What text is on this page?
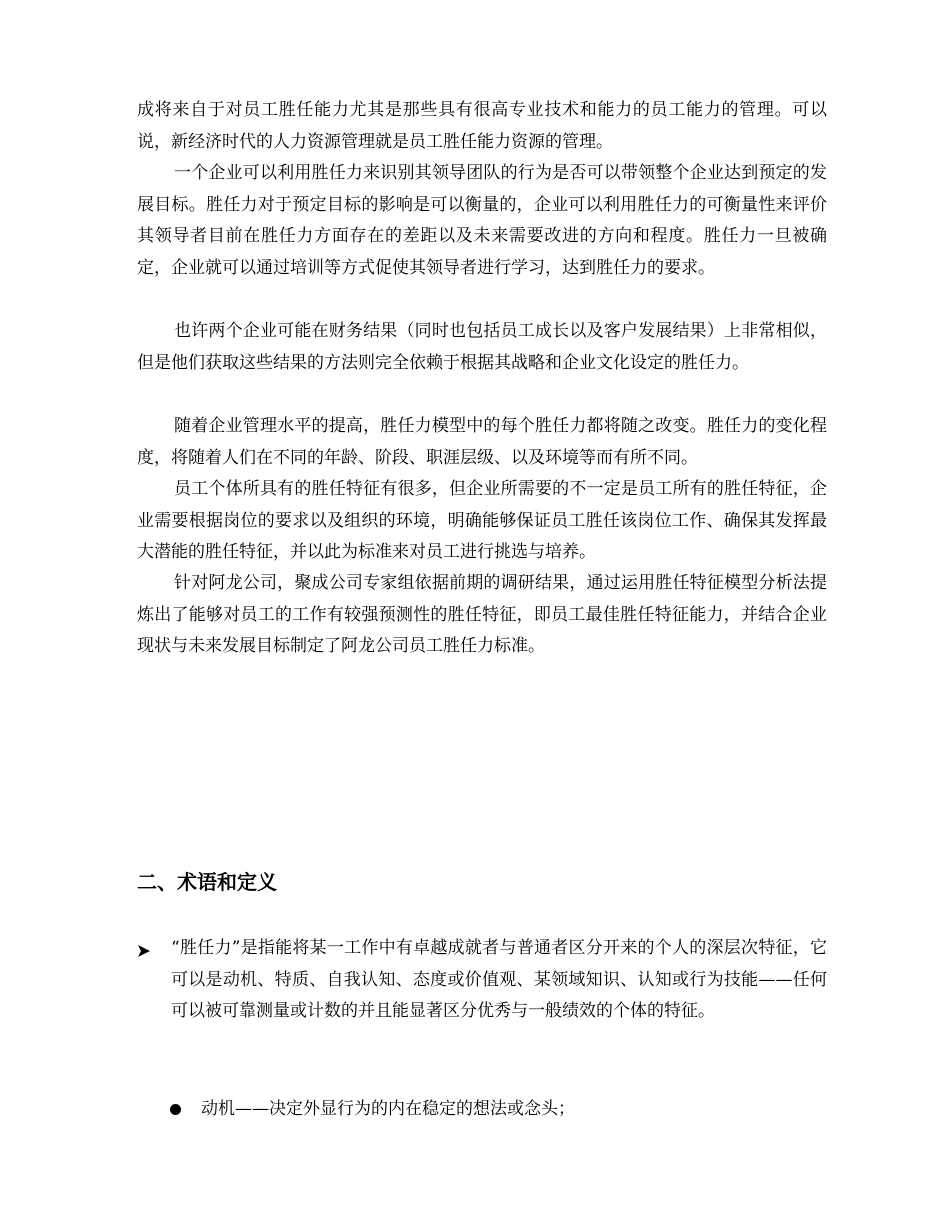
成将来自于对员工胜任能力尤其是那些具有很高专业技术和能力的员工能力的管理。可以说，新经济时代的人力资源管理就是员工胜任能力资源的管理。

一个企业可以利用胜任力来识别其领导团队的行为是否可以带领整个企业达到预定的发展目标。胜任力对于预定目标的影响是可以衡量的，企业可以利用胜任力的可衡量性来评价其领导者目前在胜任力方面存在的差距以及未来需要改进的方向和程度。胜任力一旦被确定，企业就可以通过培训等方式促使其领导者进行学习，达到胜任力的要求。

也许两个企业可能在财务结果（同时也包括员工成长以及客户发展结果）上非常相似，但是他们获取这些结果的方法则完全依赖于根据其战略和企业文化设定的胜任力。

随着企业管理水平的提高，胜任力模型中的每个胜任力都将随之改变。胜任力的变化程度，将随着人们在不同的年龄、阶段、职涯层级、以及环境等而有所不同。

员工个体所具有的胜任特征有很多，但企业所需要的不一定是员工所有的胜任特征，企业需要根据岗位的要求以及组织的环境，明确能够保证员工胜任该岗位工作、确保其发挥最大潜能的胜任特征，并以此为标准来对员工进行挑选与培养。

针对阿龙公司，聚成公司专家组依据前期的调研结果，通过运用胜任特征模型分析法提炼出了能够对员工的工作有较强预测性的胜任特征，即员工最佳胜任特征能力，并结合企业现状与未来发展目标制定了阿龙公司员工胜任力标准。

二、术语和定义

“胜任力”是指能将某一工作中有卓越成就者与普通者区分开来的个人的深层次特征，它可以是动机、特质、自我认知、态度或价值观、某领域知识、认知或行为技能——任何可以被可靠测量或计数的并且能显著区分优秀与一般绩效的个体的特征。

动机——决定外显行为的内在稳定的想法或念头；
